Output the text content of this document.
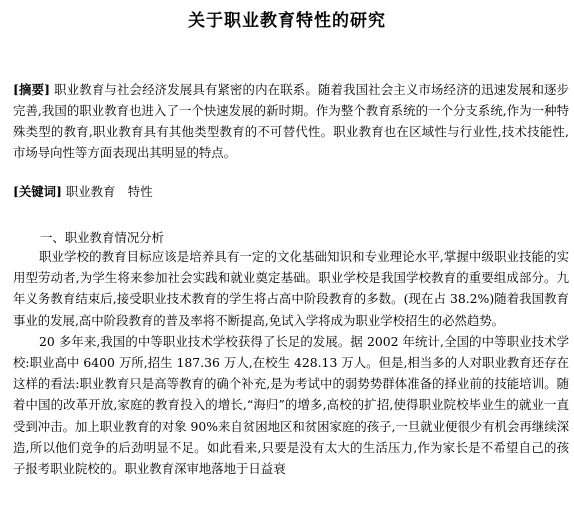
关于职业教育特性的研究
[摘要] 职业教育与社会经济发展具有紧密的内在联系。随着我国社会主义市场经济的迅速发展和逐步完善,我国的职业教育也进入了一个快速发展的新时期。作为整个教育系统的一个分支系统,作为一种特殊类型的教育,职业教育具有其他类型教育的不可替代性。职业教育也在区域性与行业性,技术技能性,市场导向性等方面表现出其明显的特点。
[关键词] 职业教育　特性
一、职业教育情况分析

职业学校的教育目标应该是培养具有一定的文化基础知识和专业理论水平,掌握中级职业技能的实用型劳动者,为学生将来参加社会实践和就业奠定基础。职业学校是我国学校教育的重要组成部分。九年义务教育结束后,接受职业技术教育的学生将占高中阶段教育的多数。(现在占 38.2%)随着我国教育事业的发展,高中阶段教育的普及率将不断提高,免试入学将成为职业学校招生的必然趋势。

20 多年来,我国的中等职业技术学校获得了长足的发展。据 2002 年统计,全国的中等职业技术学校:职业高中 6400 万所,招生 187.36 万人,在校生 428.13 万人。但是,相当多的人对职业教育还存在这样的看法:职业教育只是高等教育的确个补充,是为考试中的弱势势群体准备的择业前的技能培训。随着中国的改革开放,家庭的教育投入的增长,“海归”的增多,高校的扩招,使得职业院校毕业生的就业一直受到冲击。加上职业教育的对象 90%来自贫困地区和贫困家庭的孩子,一旦就业便很少有机会再继续深造,所以他们竞争的后劲明显不足。如此看来,只要是没有太大的生活压力,作为家长是不希望自己的孩子报考职业院校的。职业教育深审地落地于日益衰
